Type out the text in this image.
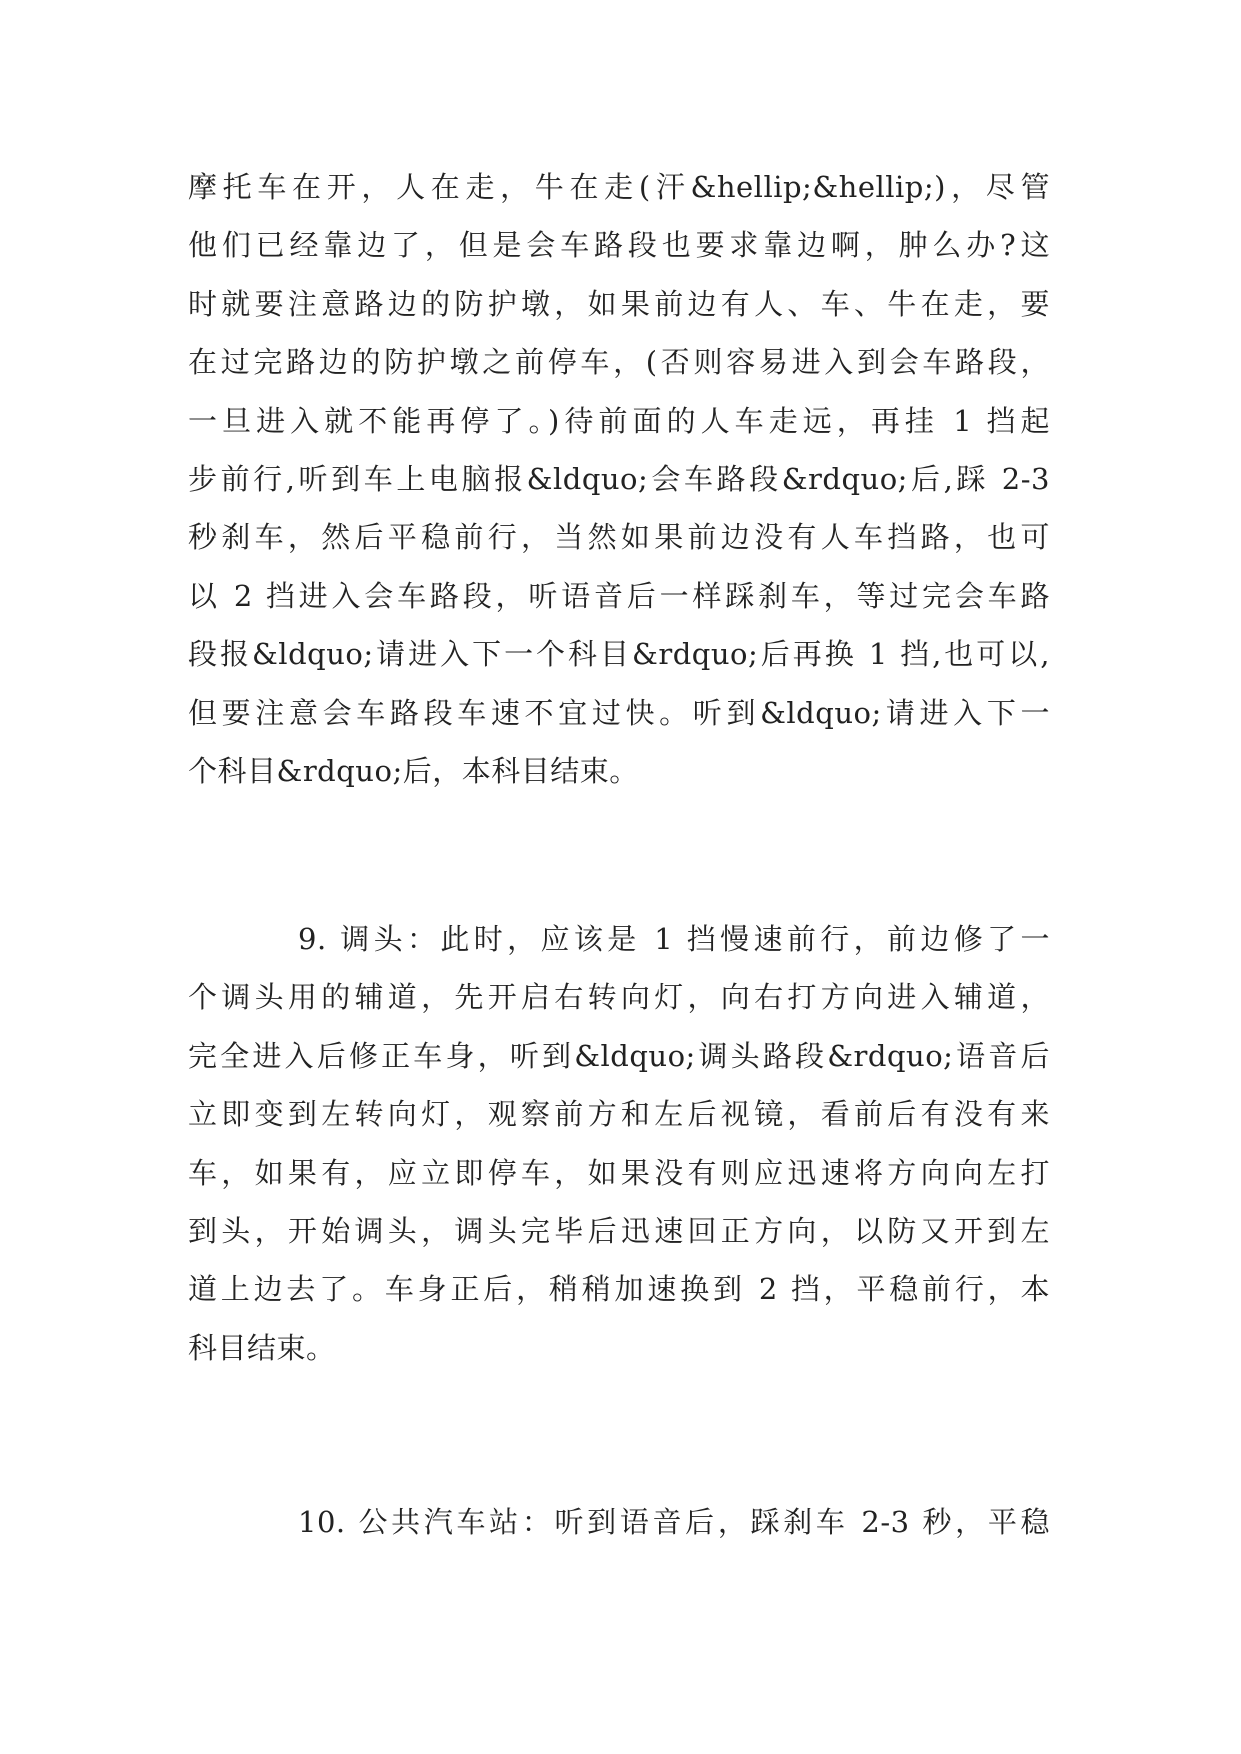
摩托车在开，人在走，牛在走(汗&hellip;&hellip;)，尽管
他们已经靠边了，但是会车路段也要求靠边啊，肿么办?这
时就要注意路边的防护墩，如果前边有人、车、牛在走，要
在过完路边的防护墩之前停车，(否则容易进入到会车路段，
一旦进入就不能再停了。)待前面的人车走远，再挂 1 挡起
步前行,听到车上电脑报&ldquo;会车路段&rdquo;后,踩 2-3
秒刹车，然后平稳前行，当然如果前边没有人车挡路，也可
以 2 挡进入会车路段，听语音后一样踩刹车，等过完会车路
段报&ldquo;请进入下一个科目&rdquo;后再换 1 挡,也可以,
但要注意会车路段车速不宜过快。听到&ldquo;请进入下一
个科目&rdquo;后，本科目结束。
9. 调头：此时，应该是 1 挡慢速前行，前边修了一
个调头用的辅道，先开启右转向灯，向右打方向进入辅道，
完全进入后修正车身，听到&ldquo;调头路段&rdquo;语音后
立即变到左转向灯，观察前方和左后视镜，看前后有没有来
车，如果有，应立即停车，如果没有则应迅速将方向向左打
到头，开始调头，调头完毕后迅速回正方向，以防又开到左
道上边去了。车身正后，稍稍加速换到 2 挡，平稳前行，本
科目结束。
10. 公共汽车站：听到语音后，踩刹车 2-3 秒，平稳
